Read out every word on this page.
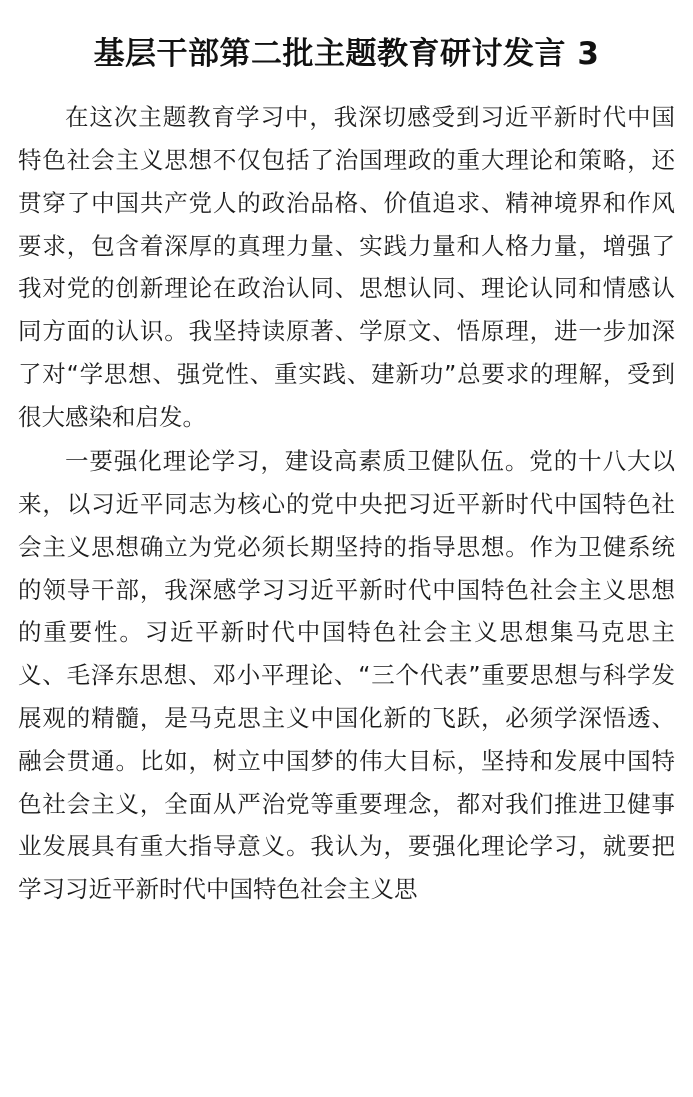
基层干部第二批主题教育研讨发言 3

在这次主题教育学习中，我深切感受到习近平新时代中国特色社会主义思想不仅包括了治国理政的重大理论和策略，还贯穿了中国共产党人的政治品格、价值追求、精神境界和作风要求，包含着深厚的真理力量、实践力量和人格力量，增强了我对党的创新理论在政治认同、思想认同、理论认同和情感认同方面的认识。我坚持读原著、学原文、悟原理，进一步加深了对“学思想、强党性、重实践、建新功”总要求的理解，受到很大感染和启发。

一要强化理论学习，建设高素质卫健队伍。党的十八大以来，以习近平同志为核心的党中央把习近平新时代中国特色社会主义思想确立为党必须长期坚持的指导思想。作为卫健系统的领导干部，我深感学习习近平新时代中国特色社会主义思想的重要性。习近平新时代中国特色社会主义思想集马克思主义、毛泽东思想、邓小平理论、“三个代表”重要思想与科学发展观的精髓，是马克思主义中国化新的飞跃，必须学深悟透、融会贯通。比如，树立中国梦的伟大目标，坚持和发展中国特色社会主义，全面从严治党等重要理念，都对我们推进卫健事业发展具有重大指导意义。我认为，要强化理论学习，就要把学习习近平新时代中国特色社会主义思
